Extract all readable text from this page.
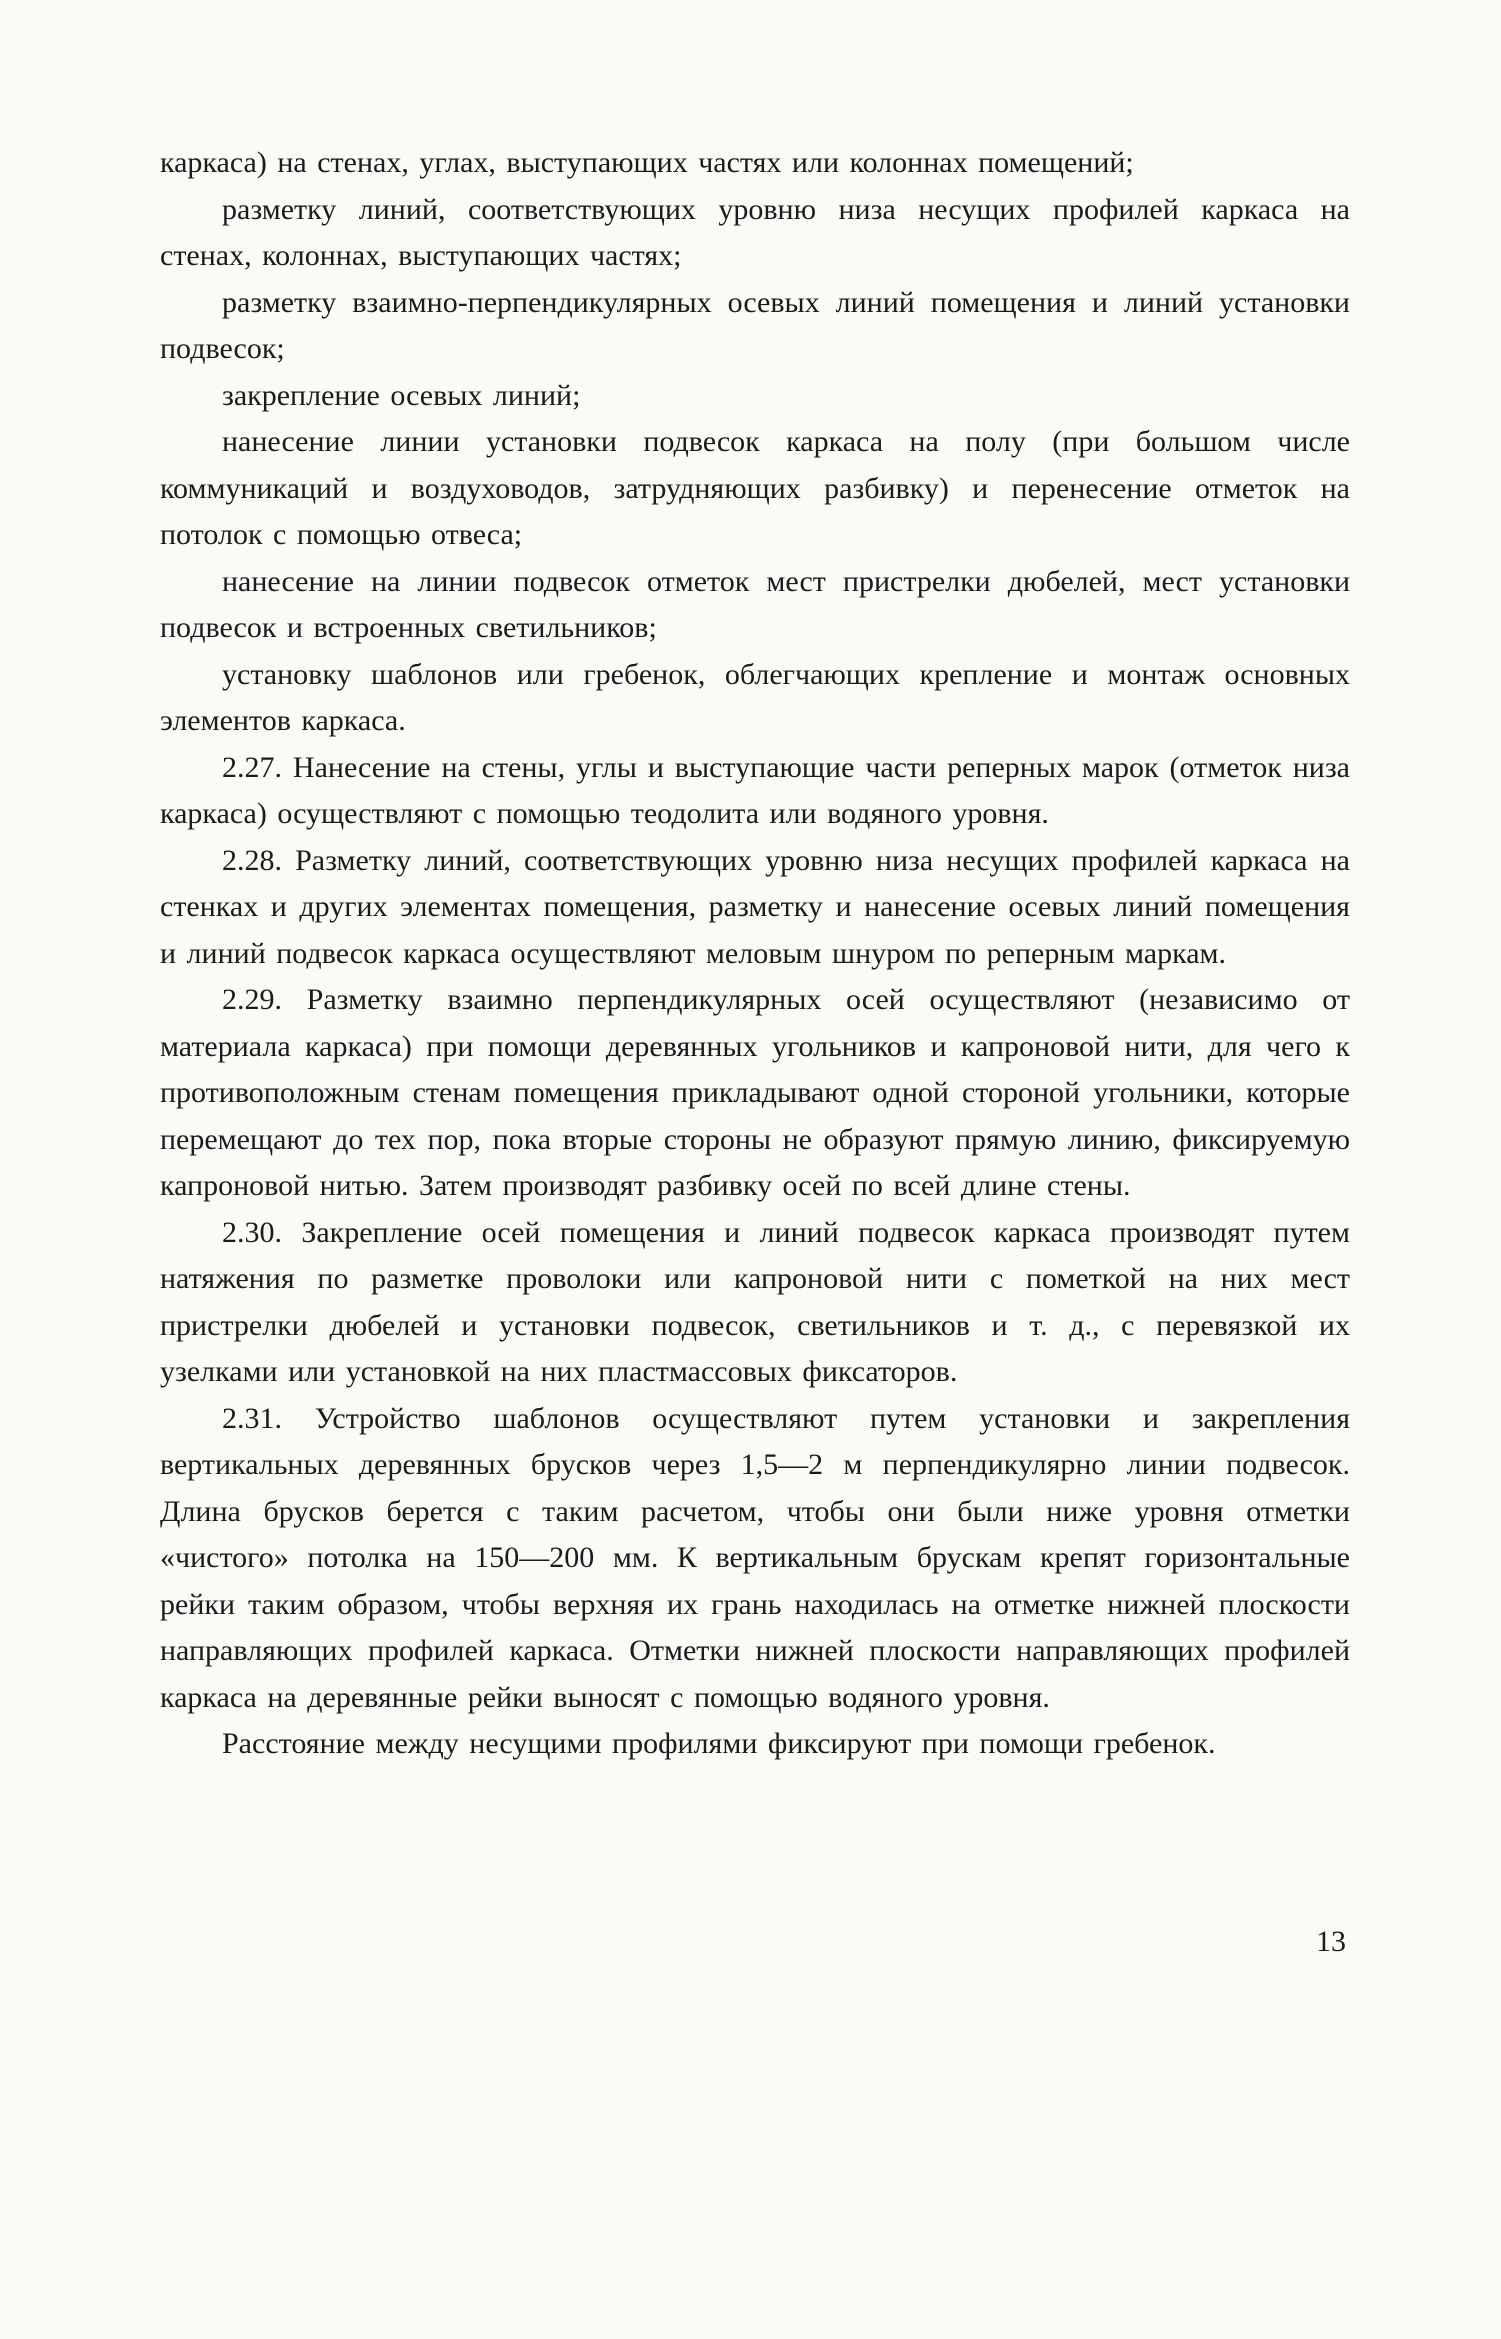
каркаса) на стенах, углах, выступающих частях или колоннах помещений;

разметку линий, соответствующих уровню низа несущих профилей каркаса на стенах, колоннах, выступающих частях;

разметку взаимно-перпендикулярных осевых линий помещения и линий установки подвесок;

закрепление осевых линий;

нанесение линии установки подвесок каркаса на полу (при большом числе коммуникаций и воздуховодов, затрудняющих разбивку) и перенесение отметок на потолок с помощью отвеса;

нанесение на линии подвесок отметок мест пристрелки дюбелей, мест установки подвесок и встроенных светильников;

установку шаблонов или гребенок, облегчающих крепление и монтаж основных элементов каркаса.

2.27. Нанесение на стены, углы и выступающие части реперных марок (отметок низа каркаса) осуществляют с помощью теодолита или водяного уровня.

2.28. Разметку линий, соответствующих уровню низа несущих профилей каркаса на стенках и других элементах помещения, разметку и нанесение осевых линий помещения и линий подвесок каркаса осуществляют меловым шнуром по реперным маркам.

2.29. Разметку взаимно перпендикулярных осей осуществляют (независимо от материала каркаса) при помощи деревянных угольников и капроновой нити, для чего к противоположным стенам помещения прикладывают одной стороной угольники, которые перемещают до тех пор, пока вторые стороны не образуют прямую линию, фиксируемую капроновой нитью. Затем производят разбивку осей по всей длине стены.

2.30. Закрепление осей помещения и линий подвесок каркаса производят путем натяжения по разметке проволоки или капроновой нити с пометкой на них мест пристрелки дюбелей и установки подвесок, светильников и т. д., с перевязкой их узелками или установкой на них пластмассовых фиксаторов.

2.31. Устройство шаблонов осуществляют путем установки и закрепления вертикальных деревянных брусков через 1,5—2 м перпендикулярно линии подвесок. Длина брусков берется с таким расчетом, чтобы они были ниже уровня отметки «чистого» потолка на 150—200 мм. К вертикальным брускам крепят горизонтальные рейки таким образом, чтобы верхняя их грань находилась на отметке нижней плоскости направляющих профилей каркаса. Отметки нижней плоскости направляющих профилей каркаса на деревянные рейки выносят с помощью водяного уровня.

Расстояние между несущими профилями фиксируют при помощи гребенок.

13
